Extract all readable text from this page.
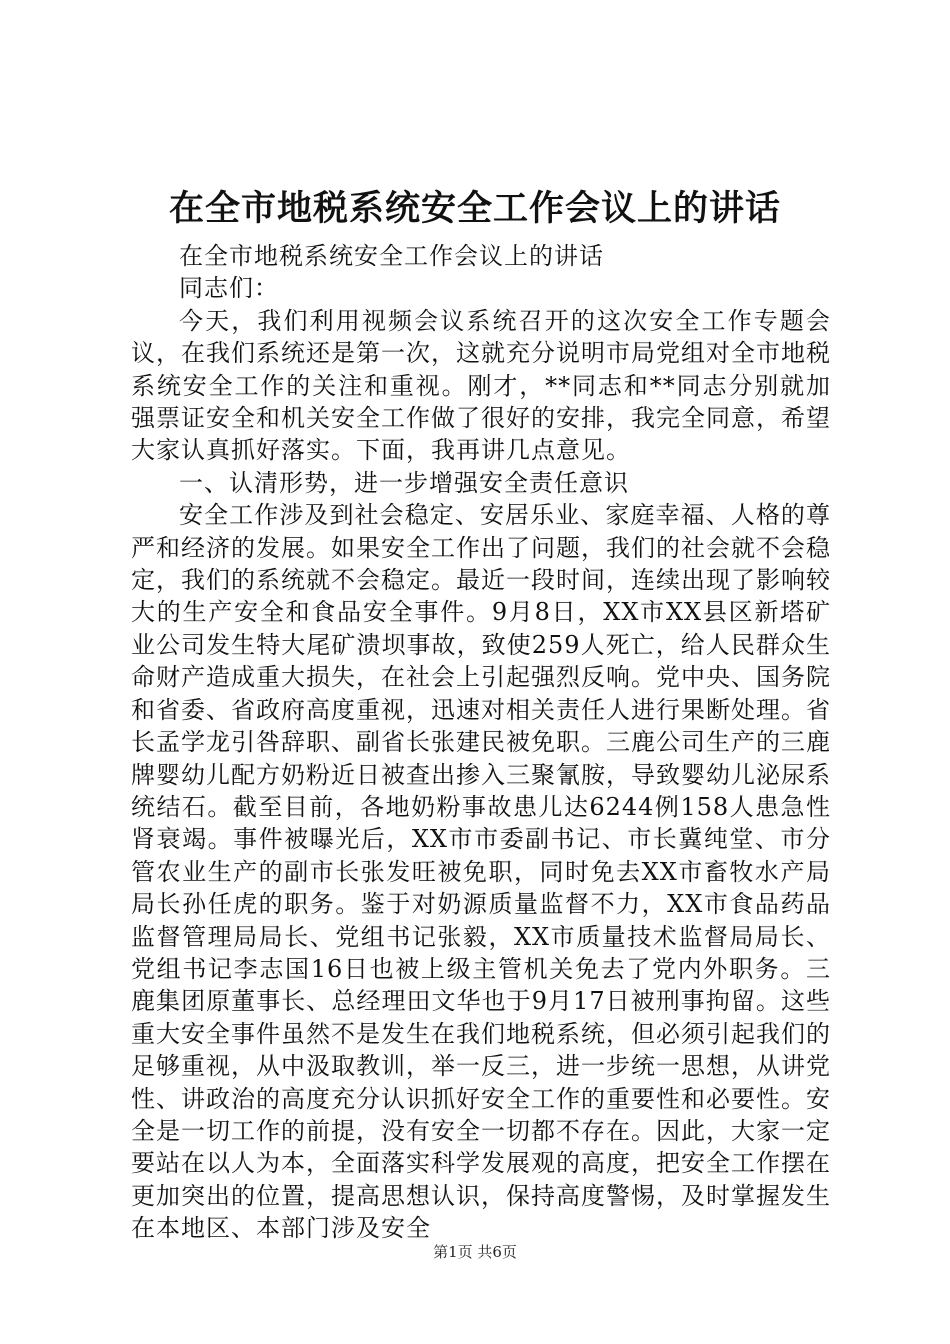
在全市地税系统安全工作会议上的讲话

在全市地税系统安全工作会议上的讲话

同志们：

今天，我们利用视频会议系统召开的这次安全工作专题会议，在我们系统还是第一次，这就充分说明市局党组对全市地税系统安全工作的关注和重视。刚才，**同志和**同志分别就加强票证安全和机关安全工作做了很好的安排，我完全同意，希望大家认真抓好落实。下面，我再讲几点意见。

一、认清形势，进一步增强安全责任意识

安全工作涉及到社会稳定、安居乐业、家庭幸福、人格的尊严和经济的发展。如果安全工作出了问题，我们的社会就不会稳定，我们的系统就不会稳定。最近一段时间，连续出现了影响较大的生产安全和食品安全事件。9月8日，XX市XX县区新塔矿业公司发生特大尾矿溃坝事故，致使259人死亡，给人民群众生命财产造成重大损失，在社会上引起强烈反响。党中央、国务院和省委、省政府高度重视，迅速对相关责任人进行果断处理。省长孟学龙引咎辞职、副省长张建民被免职。三鹿公司生产的三鹿牌婴幼儿配方奶粉近日被查出掺入三聚氰胺，导致婴幼儿泌尿系统结石。截至目前，各地奶粉事故患儿达6244例158人患急性肾衰竭。事件被曝光后，XX市市委副书记、市长冀纯堂、市分管农业生产的副市长张发旺被免职，同时免去XX市畜牧水产局局长孙任虎的职务。鉴于对奶源质量监督不力，XX市食品药品监督管理局局长、党组书记张毅，XX市质量技术监督局局长、党组书记李志国16日也被上级主管机关免去了党内外职务。三鹿集团原董事长、总经理田文华也于9月17日被刑事拘留。这些重大安全事件虽然不是发生在我们地税系统，但必须引起我们的足够重视，从中汲取教训，举一反三，进一步统一思想，从讲党性、讲政治的高度充分认识抓好安全工作的重要性和必要性。安全是一切工作的前提，没有安全一切都不存在。因此，大家一定要站在以人为本，全面落实科学发展观的高度，把安全工作摆在更加突出的位置，提高思想认识，保持高度警惕，及时掌握发生在本地区、本部门涉及安全

第1页 共6页
